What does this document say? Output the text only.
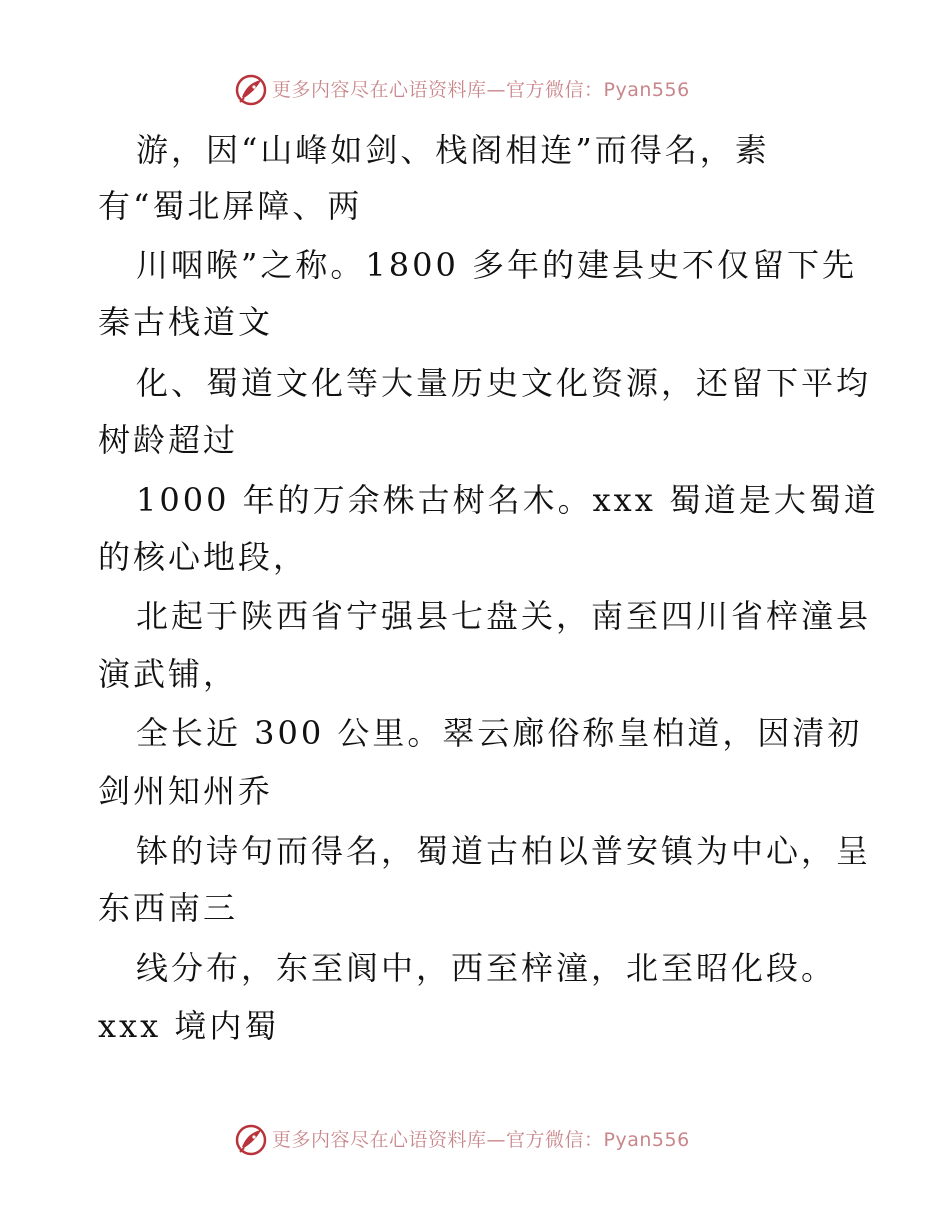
更多内容尽在心语资料库—官方微信：Pyan556
游，因“山峰如剑、栈阁相连”而得名，素
有“蜀北屏障、两
川咽喉”之称。1800 多年的建县史不仅留下先
秦古栈道文
化、蜀道文化等大量历史文化资源，还留下平均
树龄超过
1000 年的万余株古树名木。xxx 蜀道是大蜀道
的核心地段，
北起于陕西省宁强县七盘关，南至四川省梓潼县
演武铺，
全长近 300 公里。翠云廊俗称皇柏道，因清初
剑州知州乔
钵的诗句而得名，蜀道古柏以普安镇为中心，呈
东西南三
线分布，东至阆中，西至梓潼，北至昭化段。
xxx 境内蜀
更多内容尽在心语资料库—官方微信：Pyan556
